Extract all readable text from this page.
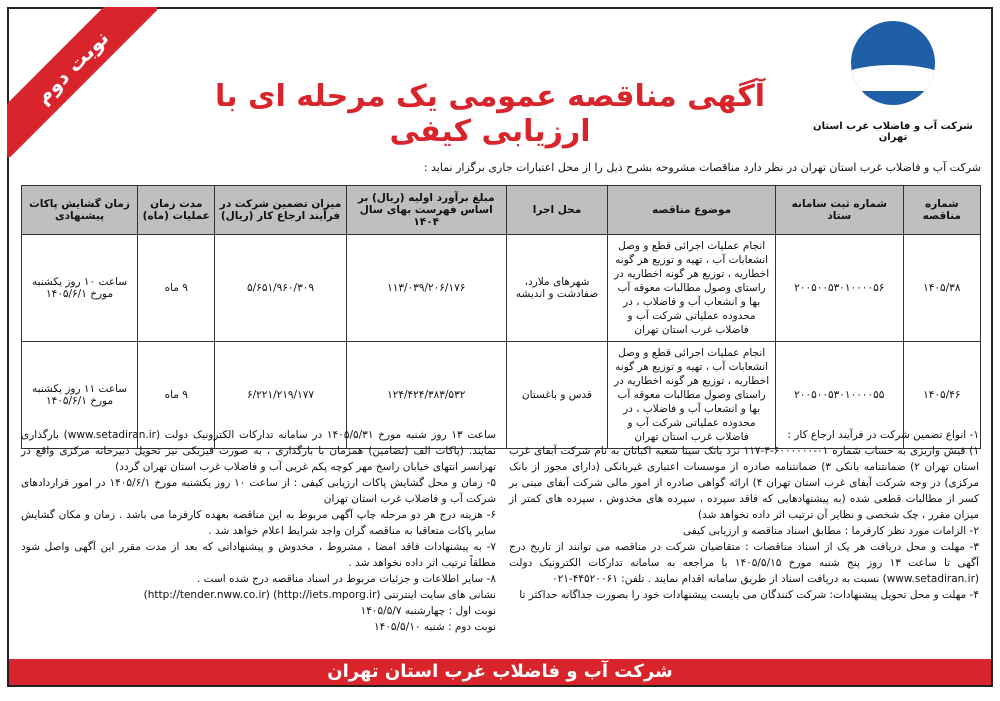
نوبت دوم	آگهی مناقصه عمومی یک مرحله ای با ارزیابی کیفی	شرکت آب و فاضلاب غرب استان تهران
شرکت آب و فاضلاب غرب استان تهران در نظر دارد مناقصات مشروحه بشرح ذیل را از محل اعتبارات جاری برگزار نماید :
شماره مناقصه	شماره ثبت سامانه ستاد	موضوع مناقصه	محل اجرا	مبلغ برآورد اولیه (ریال) بر اساس فهرست بهای سال ۱۴۰۴	میزان تضمین شرکت در فرآیند ارجاع کار (ریال)	مدت زمان عملیات (ماه)	زمان گشایش پاکات پیشنهادی
۱۴۰۵/۳۸	۲۰۰۵۰۰۵۳۰۱۰۰۰۰۵۶	انجام عملیات اجرائی قطع و وصل انشعابات آب ، تهیه و توزیع هر گونه اخطاریه ، توزیع هر گونه اخطاریه در راستای وصول مطالبات معوقه آب بها و انشعاب آب و فاضلاب ، در محدوده عملیاتی شرکت آب و فاضلاب غرب استان تهران	شهرهای ملارد، صفادشت و اندیشه	۱۱۳/۰۳۹/۲۰۶/۱۷۶	۵/۶۵۱/۹۶۰/۳۰۹	۹ ماه	ساعت ۱۰ روز یکشنبه مورخ ۱۴۰۵/۶/۱
۱۴۰۵/۴۶	۲۰۰۵۰۰۵۳۰۱۰۰۰۰۵۵	انجام عملیات اجرائی قطع و وصل انشعابات آب ، تهیه و توزیع هر گونه اخطاریه ، توزیع هر گونه اخطاریه در راستای وصول مطالبات معوقه آب بها و انشعاب آب و فاضلاب ، در محدوده عملیاتی شرکت آب و فاضلاب غرب استان تهران	قدس و باغستان	۱۲۴/۴۲۴/۳۸۳/۵۳۲	۶/۲۲۱/۲۱۹/۱۷۷	۹ ماه	ساعت ۱۱ روز یکشنبه مورخ ۱۴۰۵/۶/۱

۱- انواع تضمین شرکت در فرآیند ارجاع کار :

۱) فیش واریزی به حساب شماره ۰۱-۶۰۰۰۰۰۰-۴-۱۱۷ نزد بانک سینا شعبه اکباتان به نام شرکت آبفای غرب استان تهران ۲) ضمانتنامه بانکی ۳) ضمانتنامه صادره از موسسات اعتباری غیربانکی (دارای مجوز از بانک مرکزی) در وجه شرکت آبفای غرب استان تهران ۴) ارائه گواهی صادره از امور مالی شرکت آبفای مبنی بر کسر از مطالبات قطعی شده (به پیشنهادهایی که فاقد سپرده ، سپرده های مخدوش ، سپرده های کمتر از میزان مقرر ، چک شخصی و نظایر آن ترتیب اثر داده نخواهد شد)

۲- الزامات مورد نظر کارفرما : مطابق اسناد مناقصه و ارزیابی کیفی

۳- مهلت و محل دریافت هر یک از اسناد مناقصات : متقاضیان شرکت در مناقصه می توانند از تاریخ درج آگهی تا ساعت ۱۳ روز پنج شنبه مورخ ۱۴۰۵/۵/۱۵ با مراجعه به سامانه تدارکات الکترونیک دولت (www.setadiran.ir) نسبت به دریافت اسناد از طریق سامانه اقدام نمایند . تلفن: ۴۴۵۲۰۰۶۱-۰۲۱

۴- مهلت و محل تحویل پیشنهادات: شرکت کنندگان می بایست پیشنهادات خود را بصورت جداگانه حداکثر تا

ساعت ۱۳ روز شنبه مورخ ۱۴۰۵/۵/۳۱ در سامانه تدارکات الکترونیک دولت (www.setadiran.ir) بارگذاری نمایند. (پاکات الف (تضامین) همزمان با بارگذاری ، به صورت فیزیکی نیز تحویل دبیرخانه مرکزی واقع در تهرانسر انتهای خیابان راسخ مهر کوچه پکم غربی آب و فاضلاب غرب استان تهران گردد)

۵- زمان و محل گشایش پاکات ارزیابی کیفی : از ساعت ۱۰ روز یکشنبه مورخ ۱۴۰۵/۶/۱ در امور قراردادهای شرکت آب و فاضلاب غرب استان تهران

۶- هزینه درج هر دو مرحله چاپ آگهی مربوط به این مناقصه بعهده کارفرما می باشد . زمان و مکان گشایش سایر پاکات متعاقبا به مناقصه گران واجد شرایط اعلام خواهد شد .

۷- به پیشنهادات فاقد امضا ، مشروط ، مخدوش و پیشنهاداتی که بعد از مدت مقرر این آگهی واصل شود مطلقاً ترتیب اثر داده نخواهد شد .

۸- سایر اطلاعات و جزئیات مربوط در اسناد مناقصه درج شده است .

نشانی های سایت اینترنتی (http://iets.mporg.ir) (http://tender.nww.co.ir)

نوبت اول : چهارشنبه ۱۴۰۵/۵/۷

نوبت دوم : شنبه ۱۴۰۵/۵/۱۰

شرکت آب و فاضلاب غرب استان تهران
